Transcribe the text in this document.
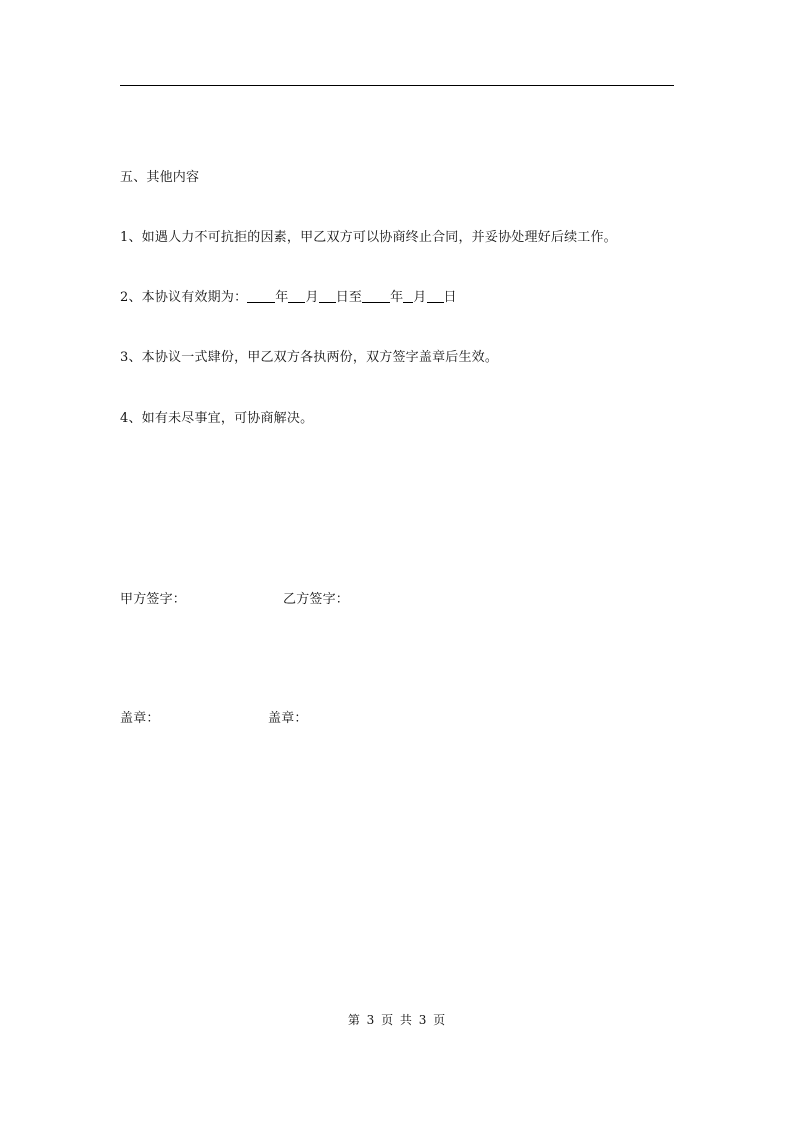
五、其他内容
1、如遇人力不可抗拒的因素，甲乙双方可以协商终止合同，并妥协处理好后续工作。
2、本协议有效期为： 年 月 日至 年 月 日
3、本协议一式肆份，甲乙双方各执两份，双方签字盖章后生效。
4、如有未尽事宜，可协商解决。
甲方签字：	乙方签字：
盖章：	盖章：
第 3 页 共 3 页
